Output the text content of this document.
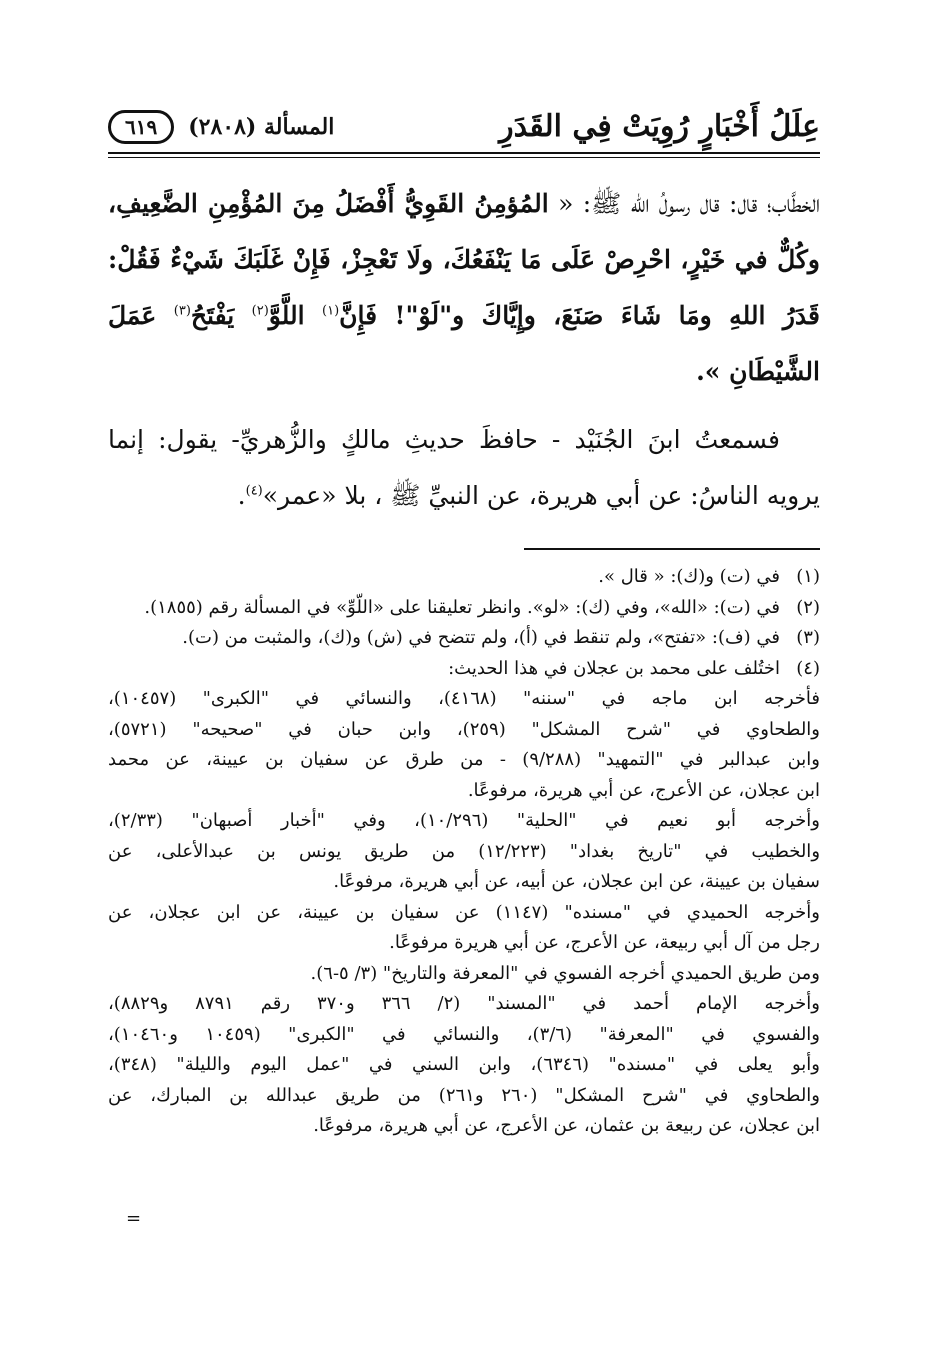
عِلَلُ أَخْبَارٍ رُوِيَتْ فِي القَدَرِ
المسألة (٢٨٠٨)
٦١٩

الخطَّاب؛ قال: قال رسولُ الله ﷺ: « المُؤمِنُ القَوِيُّ أَفْضَلُ مِنَ المُؤْمِنِ الضَّعِيفِ، وكُلٌّ في خَيْرٍ، احْرِصْ عَلَى مَا يَنْفَعُكَ، ولَا تَعْجِزْ، فَإِنْ غَلَبَكَ شَيْءٌ فَقُلْ: قَدَرُ اللهِ ومَا شَاءَ صَنَعَ، وإِيَّاكَ و"لَوْ"! فَإِنَّ$^{(١)}$ اللَّوَّ$^{(٢)}$ يَفْتَحُ$^{(٣)}$ عَمَلَ الشَّيْطَانِ ».

فسمعتُ ابنَ الجُنَيْد - حافظَ حديثِ مالكٍ والزُّهريِّ- يقول: إنما يرويه الناسُ: عن أبي هريرة، عن النبيِّ ﷺ ، بلا «عمر»$^{(٤)}$.

(١)
في (ت) و(ك): « قال ».
(٢)
في (ت): «الله»، وفي (ك): «لو». وانظر تعليقنا على «اللَّوِّ» في المسألة رقم (١٨٥٥).
(٣)
في (ف): «تفتح»، ولم تنقط في (أ)، ولم تتضح في (ش) و(ك)، والمثبت من (ت).
(٤)
اختُلف على محمد بن عجلان في هذا الحديث:
فأخرجه ابن ماجه في "سننه" (٤١٦٨)، والنسائي في "الكبرى" (١٠٤٥٧)،
والطحاوي في "شرح المشكل" (٢٥٩)، وابن حبان في "صحيحه" (٥٧٢١)،
وابن عبدالبر في "التمهيد" (٩/٢٨٨) - من طرق عن سفيان بن عيينة، عن محمد
ابن عجلان، عن الأعرج، عن أبي هريرة، مرفوعًا.
وأخرجه أبو نعيم في "الحلية" (١٠/٢٩٦)، وفي "أخبار أصبهان" (٢/٣٣)،
والخطيب في "تاريخ بغداد" (١٢/٢٢٣) من طريق يونس بن عبدالأعلى، عن
سفيان بن عيينة، عن ابن عجلان، عن أبيه، عن أبي هريرة، مرفوعًا.
وأخرجه الحميدي في "مسنده" (١١٤٧) عن سفيان بن عيينة، عن ابن عجلان، عن
رجل من آل أبي ربيعة، عن الأعرج، عن أبي هريرة مرفوعًا.
ومن طريق الحميدي أخرجه الفسوي في "المعرفة والتاريخ" (٣/ ٥-٦).
وأخرجه الإمام أحمد في "المسند" (٢/ ٣٦٦ و٣٧٠ رقم ٨٧٩١ و٨٨٢٩)،
والفسوي في "المعرفة" (٣/٦)، والنسائي في "الكبرى" (١٠٤٥٩ و١٠٤٦٠)،
وأبو يعلى في "مسنده" (٦٣٤٦)، وابن السني في "عمل اليوم والليلة" (٣٤٨)،
والطحاوي في "شرح المشكل" (٢٦٠ و٢٦١) من طريق عبدالله بن المبارك، عن
ابن عجلان، عن ربيعة بن عثمان، عن الأعرج، عن أبي هريرة، مرفوعًا.
=
